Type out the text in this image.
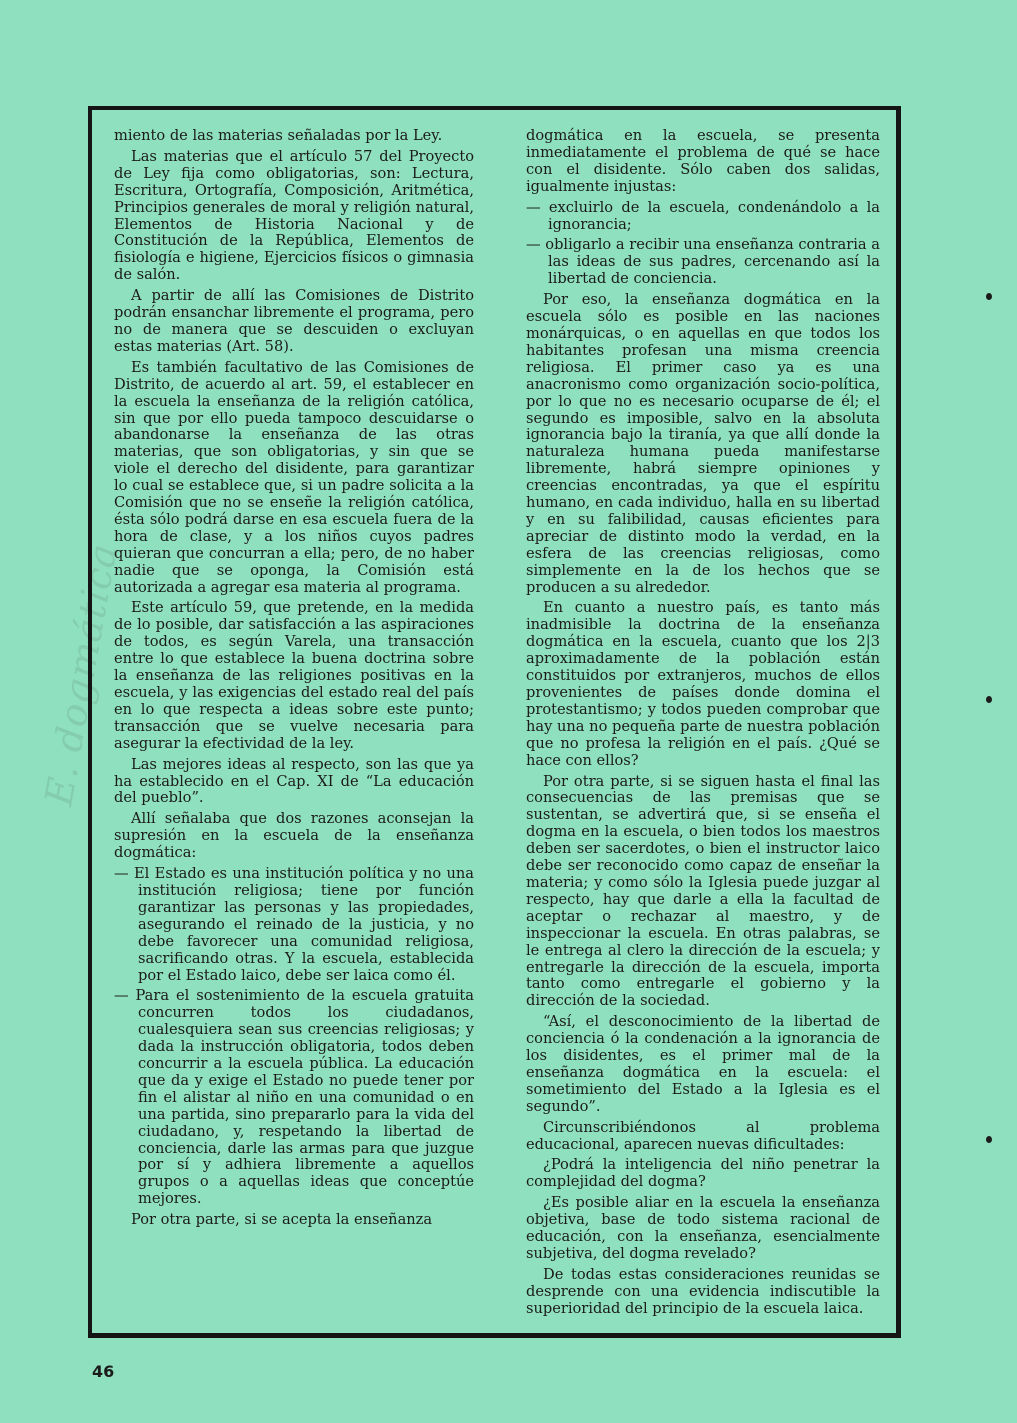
E. dogmática

miento de las materias señaladas por la Ley.

Las materias que el artículo 57 del Proyecto de Ley fija como obligatorias, son: Lectura, Escritura, Ortografía, Composición, Aritmética, Principios generales de moral y religión natural, Elementos de Historia Nacional y de Constitución de la República, Elementos de fisiología e higiene, Ejercicios físicos o gimnasia de salón.

A partir de allí las Comisiones de Distrito podrán ensanchar libremente el programa, pero no de manera que se descuiden o excluyan estas materias (Art. 58).

Es también facultativo de las Comisiones de Distrito, de acuerdo al art. 59, el establecer en la escuela la enseñanza de la religión católica, sin que por ello pueda tampoco descuidarse o abandonarse la enseñanza de las otras materias, que son obligatorias, y sin que se viole el derecho del disidente, para garantizar lo cual se establece que, si un padre solicita a la Comisión que no se enseñe la religión católica, ésta sólo podrá darse en esa escuela fuera de la hora de clase, y a los niños cuyos padres quieran que concurran a ella; pero, de no haber nadie que se oponga, la Comisión está autorizada a agregar esa materia al programa.

Este artículo 59, que pretende, en la medida de lo posible, dar satisfacción a las aspiraciones de todos, es según Varela, una transacción entre lo que establece la buena doctrina sobre la enseñanza de las religiones positivas en la escuela, y las exigencias del estado real del país en lo que respecta a ideas sobre este punto; transacción que se vuelve necesaria para asegurar la efectividad de la ley.

Las mejores ideas al respecto, son las que ya ha establecido en el Cap. XI de “La educación del pueblo”.

Allí señalaba que dos razones aconsejan la supresión en la escuela de la enseñanza dogmática:

— El Estado es una institución política y no una institución religiosa; tiene por función garantizar las personas y las propiedades, asegurando el reinado de la justicia, y no debe favorecer una comunidad religiosa, sacrificando otras. Y la escuela, establecida por el Estado laico, debe ser laica como él.

— Para el sostenimiento de la escuela gratuita concurren todos los ciudadanos, cualesquiera sean sus creencias religiosas; y dada la instrucción obligatoria, todos deben concurrir a la escuela pública. La educación que da y exige el Estado no puede tener por fin el alistar al niño en una comunidad o en una partida, sino prepararlo para la vida del ciudadano, y, respetando la libertad de conciencia, darle las armas para que juzgue por sí y adhiera libremente a aquellos grupos o a aquellas ideas que conceptúe mejores.

Por otra parte, si se acepta la enseñanza

dogmática en la escuela, se presenta inmediatamente el problema de qué se hace con el disidente. Sólo caben dos salidas, igualmente injustas:

— excluirlo de la escuela, condenándolo a la ignorancia;

— obligarlo a recibir una enseñanza contraria a las ideas de sus padres, cercenando así la libertad de conciencia.

Por eso, la enseñanza dogmática en la escuela sólo es posible en las naciones monárquicas, o en aquellas en que todos los habitantes profesan una misma creencia religiosa. El primer caso ya es una anacronismo como organización socio-política, por lo que no es necesario ocuparse de él; el segundo es imposible, salvo en la absoluta ignorancia bajo la tiranía, ya que allí donde la naturaleza humana pueda manifestarse libremente, habrá siempre opiniones y creencias encontradas, ya que el espíritu humano, en cada individuo, halla en su libertad y en su falibilidad, causas eficientes para apreciar de distinto modo la verdad, en la esfera de las creencias religiosas, como simplemente en la de los hechos que se producen a su alrededor.

En cuanto a nuestro país, es tanto más inadmisible la doctrina de la enseñanza dogmática en la escuela, cuanto que los 2|3 aproximadamente de la población están constituidos por extranjeros, muchos de ellos provenientes de países donde domina el protestantismo; y todos pueden comprobar que hay una no pequeña parte de nuestra población que no profesa la religión en el país. ¿Qué se hace con ellos?

Por otra parte, si se siguen hasta el final las consecuencias de las premisas que se sustentan, se advertirá que, si se enseña el dogma en la escuela, o bien todos los maestros deben ser sacerdotes, o bien el instructor laico debe ser reconocido como capaz de enseñar la materia; y como sólo la Iglesia puede juzgar al respecto, hay que darle a ella la facultad de aceptar o rechazar al maestro, y de inspeccionar la escuela. En otras palabras, se le entrega al clero la dirección de la escuela; y entregarle la dirección de la escuela, importa tanto como entregarle el gobierno y la dirección de la sociedad.

“Así, el desconocimiento de la libertad de conciencia ó la condenación a la ignorancia de los disidentes, es el primer mal de la enseñanza dogmática en la escuela: el sometimiento del Estado a la Iglesia es el segundo”.

Circunscribiéndonos al problema educacional, aparecen nuevas dificultades:

¿Podrá la inteligencia del niño penetrar la complejidad del dogma?

¿Es posible aliar en la escuela la enseñanza objetiva, base de todo sistema racional de educación, con la enseñanza, esencialmente subjetiva, del dogma revelado?

De todas estas consideraciones reunidas se desprende con una evidencia indiscutible la superioridad del principio de la escuela laica.

46
